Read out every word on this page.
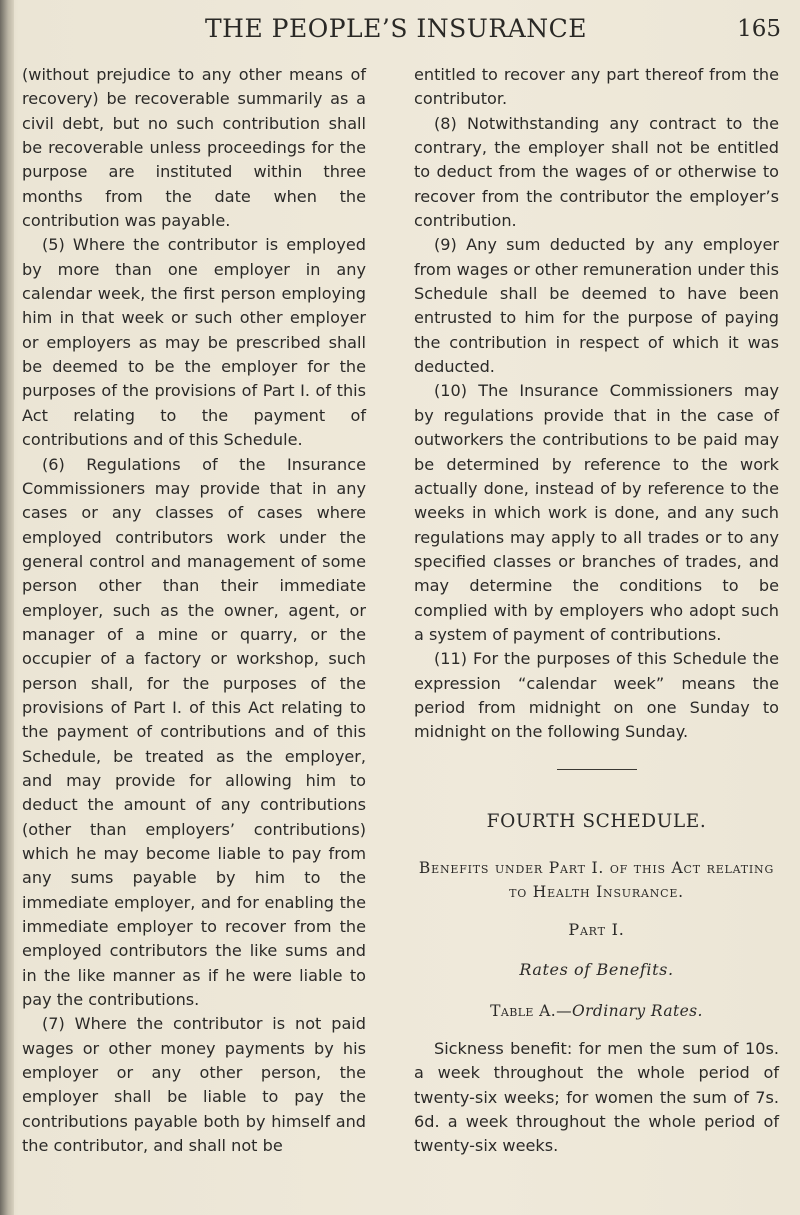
THE PEOPLE’S INSURANCE	165

(without prejudice to any other means of recovery) be recoverable summarily as a civil debt, but no such contribution shall be recoverable unless proceedings for the purpose are instituted within three months from the date when the contribution was payable.

(5) Where the contributor is employed by more than one employer in any calendar week, the first person employing him in that week or such other employer or employers as may be prescribed shall be deemed to be the employer for the purposes of the provisions of Part I. of this Act relating to the payment of contributions and of this Schedule.

(6) Regulations of the Insurance Commissioners may provide that in any cases or any classes of cases where employed contributors work under the general control and management of some person other than their immediate employer, such as the owner, agent, or manager of a mine or quarry, or the occupier of a factory or workshop, such person shall, for the purposes of the provisions of Part I. of this Act relating to the payment of contributions and of this Schedule, be treated as the employer, and may provide for allowing him to deduct the amount of any contributions (other than employers’ contributions) which he may become liable to pay from any sums payable by him to the immediate employer, and for enabling the immediate employer to recover from the employed contributors the like sums and in the like manner as if he were liable to pay the contributions.

(7) Where the contributor is not paid wages or other money payments by his employer or any other person, the employer shall be liable to pay the contributions payable both by himself and the contributor, and shall not be

entitled to recover any part thereof from the contributor.

(8) Notwithstanding any contract to the contrary, the employer shall not be entitled to deduct from the wages of or otherwise to recover from the contributor the employer’s contribution.

(9) Any sum deducted by any employer from wages or other remuneration under this Schedule shall be deemed to have been entrusted to him for the purpose of paying the contribution in respect of which it was deducted.

(10) The Insurance Commissioners may by regulations provide that in the case of outworkers the contributions to be paid may be determined by reference to the work actually done, instead of by reference to the weeks in which work is done, and any such regulations may apply to all trades or to any specified classes or branches of trades, and may determine the conditions to be complied with by employers who adopt such a system of payment of contributions.

(11) For the purposes of this Schedule the expression “calendar week” means the period from midnight on one Sunday to midnight on the following Sunday.

FOURTH SCHEDULE.
Benefits under Part I. of this Act relating to Health Insurance.
Part I.
Rates of Benefits.
Table A.—Ordinary Rates.

Sickness benefit: for men the sum of 10s. a week throughout the whole period of twenty-six weeks; for women the sum of 7s. 6d. a week throughout the whole period of twenty-six weeks.
